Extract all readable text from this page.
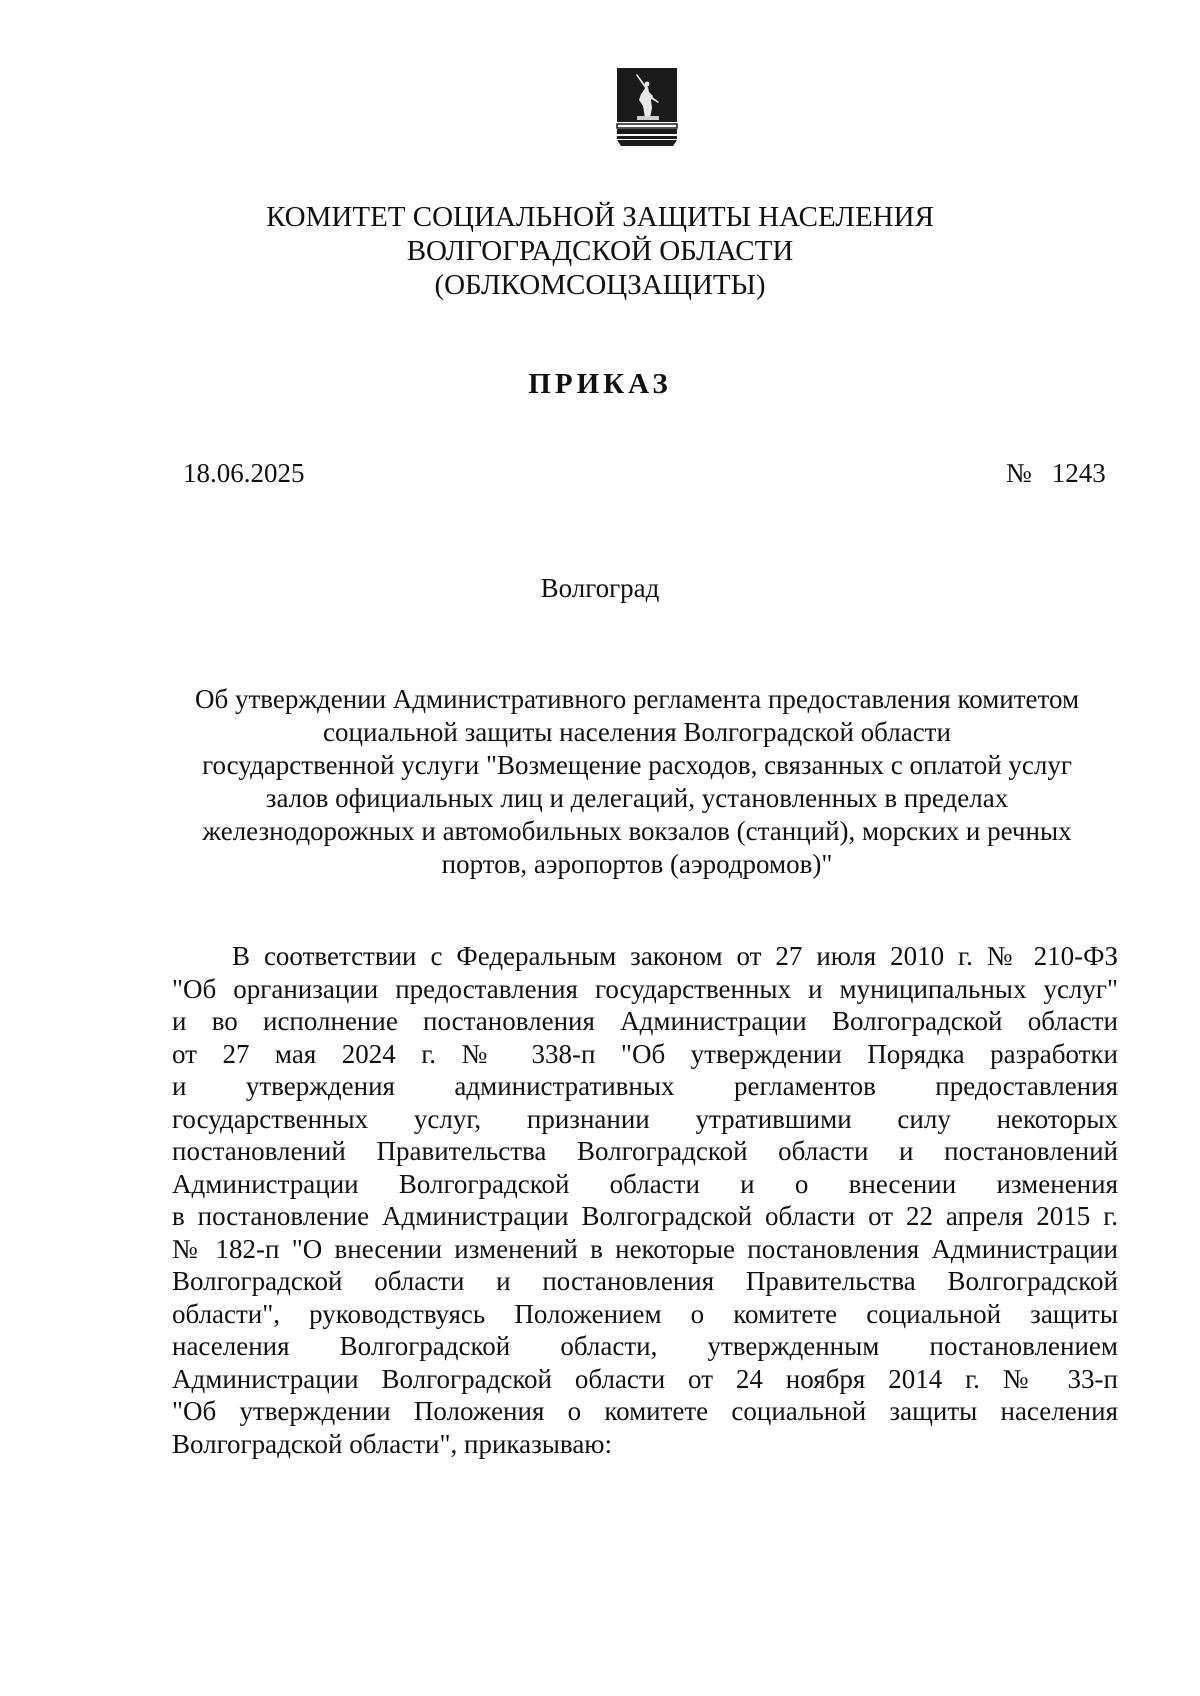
КОМИТЕТ СОЦИАЛЬНОЙ ЗАЩИТЫ НАСЕЛЕНИЯ
ВОЛГОГРАДСКОЙ ОБЛАСТИ
(ОБЛКОМСОЦЗАЩИТЫ)
ПРИКАЗ
18.06.2025	№ 1243
Волгоград
Об утверждении Административного регламента предоставления комитетом
социальной защиты населения Волгоградской области
государственной услуги "Возмещение расходов, связанных с оплатой услуг
залов официальных лиц и делегаций, установленных в пределах
железнодорожных и автомобильных вокзалов (станций), морских и речных
портов, аэропортов (аэродромов)"
В соответствии с Федеральным законом от 27 июля 2010 г. № 210-ФЗ
"Об организации предоставления государственных и муниципальных услуг"
и во исполнение постановления Администрации Волгоградской области
от 27 мая 2024 г. № 338-п "Об утверждении Порядка разработки
и утверждения административных регламентов предоставления
государственных услуг, признании утратившими силу некоторых
постановлений Правительства Волгоградской области и постановлений
Администрации Волгоградской области и о внесении изменения
в постановление Администрации Волгоградской области от 22 апреля 2015 г.
№ 182-п "О внесении изменений в некоторые постановления Администрации
Волгоградской области и постановления Правительства Волгоградской
области", руководствуясь Положением о комитете социальной защиты
населения Волгоградской области, утвержденным постановлением
Администрации Волгоградской области от 24 ноября 2014 г. № 33-п
"Об утверждении Положения о комитете социальной защиты населения
Волгоградской области", приказываю:
